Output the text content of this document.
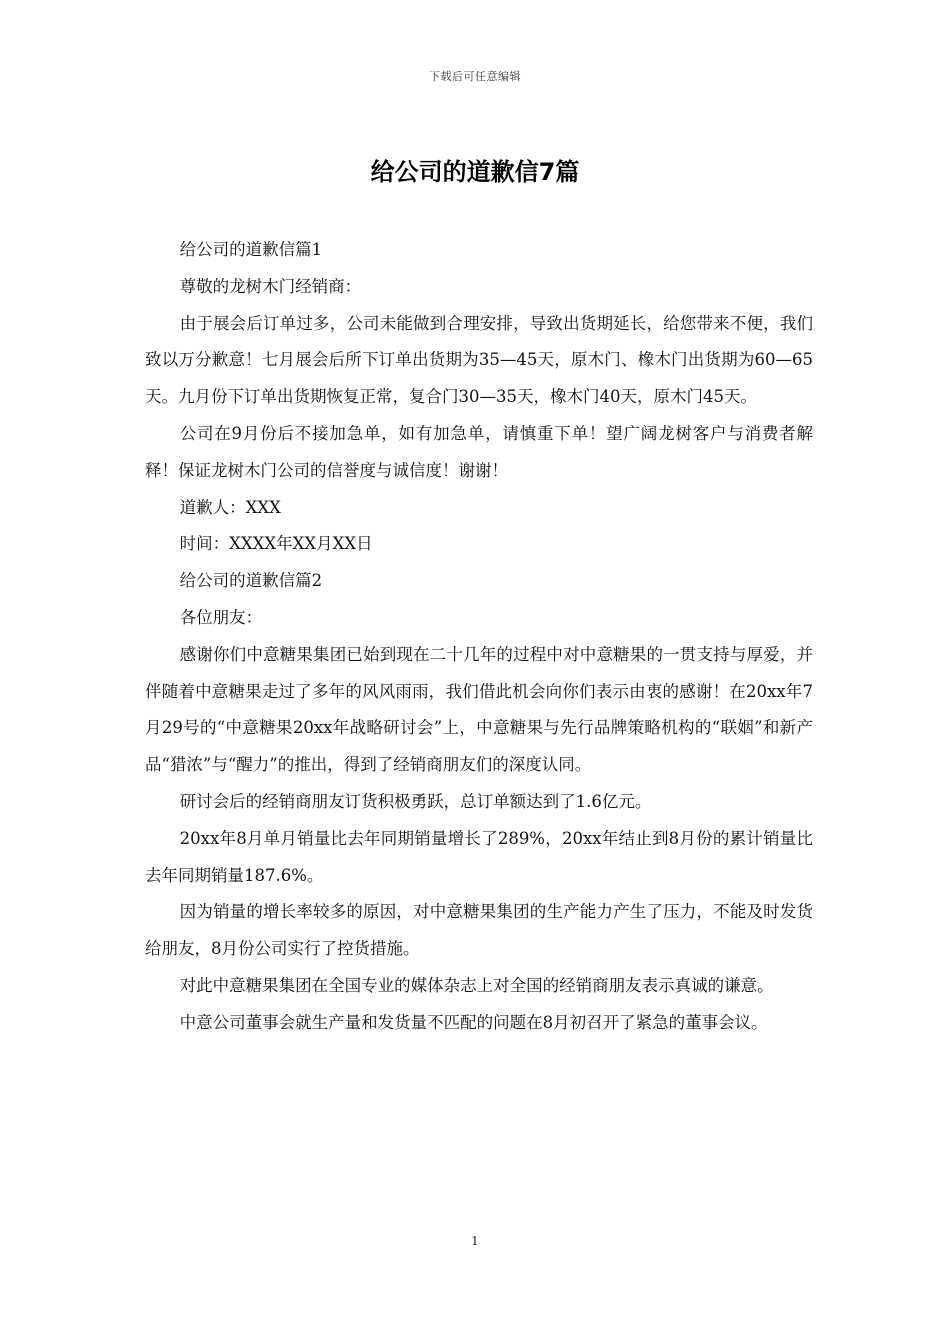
下载后可任意编辑
给公司的道歉信7篇

给公司的道歉信篇1

尊敬的龙树木门经销商：

由于展会后订单过多，公司未能做到合理安排，导致出货期延长，给您带来不便，我们致以万分歉意！七月展会后所下订单出货期为35—45天，原木门、橡木门出货期为60—65天。九月份下订单出货期恢复正常，复合门30—35天，橡木门40天，原木门45天。

公司在9月份后不接加急单，如有加急单，请慎重下单！望广阔龙树客户与消费者解释！保证龙树木门公司的信誉度与诚信度！谢谢！

道歉人：XXX

时间：XXXX年XX月XX日

给公司的道歉信篇2

各位朋友：

感谢你们中意糖果集团已始到现在二十几年的过程中对中意糖果的一贯支持与厚爱，并伴随着中意糖果走过了多年的风风雨雨，我们借此机会向你们表示由衷的感谢！在20xx年7月29号的“中意糖果20xx年战略研讨会”上，中意糖果与先行品牌策略机构的“联姻”和新产品“猎浓”与“醒力”的推出，得到了经销商朋友们的深度认同。

研讨会后的经销商朋友订货积极勇跃，总订单额达到了1.6亿元。

20xx年8月单月销量比去年同期销量增长了289%，20xx年结止到8月份的累计销量比去年同期销量187.6%。

因为销量的增长率较多的原因，对中意糖果集团的生产能力产生了压力，不能及时发货给朋友，8月份公司实行了控货措施。

对此中意糖果集团在全国专业的媒体杂志上对全国的经销商朋友表示真诚的谦意。

中意公司董事会就生产量和发货量不匹配的问题在8月初召开了紧急的董事会议。

1
